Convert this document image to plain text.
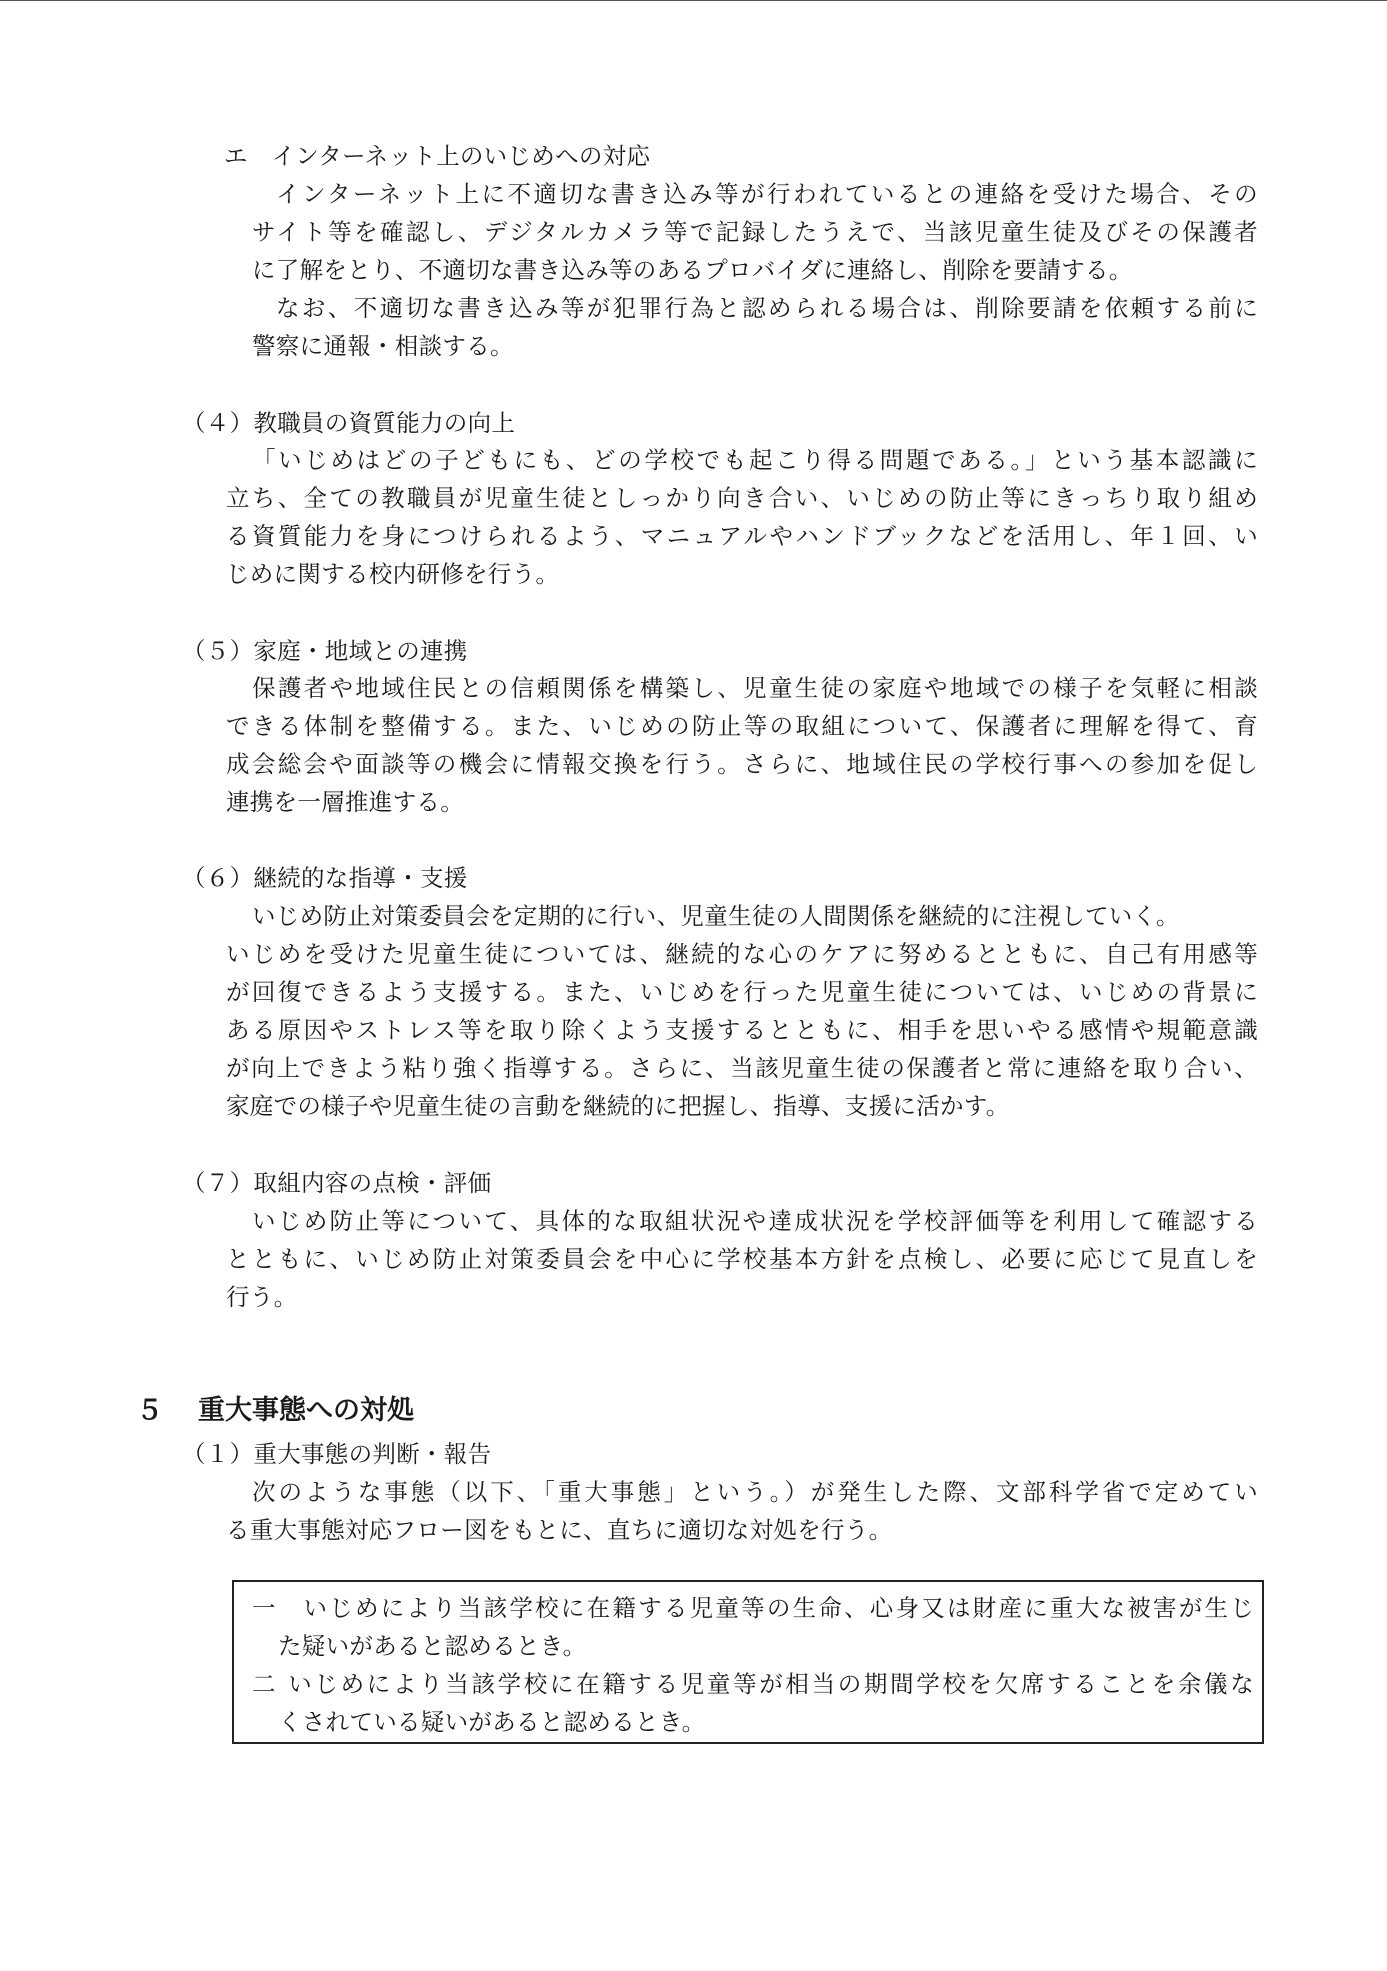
エ　インターネット上のいじめへの対応
インターネット上に不適切な書き込み等が行われているとの連絡を受けた場合、その
サイト等を確認し、デジタルカメラ等で記録したうえで、当該児童生徒及びその保護者
に了解をとり、不適切な書き込み等のあるプロバイダに連絡し、削除を要請する。
なお、不適切な書き込み等が犯罪行為と認められる場合は、削除要請を依頼する前に
警察に通報・相談する。
（４）教職員の資質能力の向上
「いじめはどの子どもにも、どの学校でも起こり得る問題である。」という基本認識に
立ち、全ての教職員が児童生徒としっかり向き合い、いじめの防止等にきっちり取り組め
る資質能力を身につけられるよう、マニュアルやハンドブックなどを活用し、年１回、い
じめに関する校内研修を行う。
（５）家庭・地域との連携
保護者や地域住民との信頼関係を構築し、児童生徒の家庭や地域での様子を気軽に相談
できる体制を整備する。また、いじめの防止等の取組について、保護者に理解を得て、育
成会総会や面談等の機会に情報交換を行う。さらに、地域住民の学校行事への参加を促し
連携を一層推進する。
（６）継続的な指導・支援
いじめ防止対策委員会を定期的に行い、児童生徒の人間関係を継続的に注視していく。
いじめを受けた児童生徒については、継続的な心のケアに努めるとともに、自己有用感等
が回復できるよう支援する。また、いじめを行った児童生徒については、いじめの背景に
ある原因やストレス等を取り除くよう支援するとともに、相手を思いやる感情や規範意識
が向上できよう粘り強く指導する。さらに、当該児童生徒の保護者と常に連絡を取り合い、
家庭での様子や児童生徒の言動を継続的に把握し、指導、支援に活かす。
（７）取組内容の点検・評価
いじめ防止等について、具体的な取組状況や達成状況を学校評価等を利用して確認する
とともに、いじめ防止対策委員会を中心に学校基本方針を点検し、必要に応じて見直しを
行う。
５ 重大事態への対処
（１）重大事態の判断・報告
次のような事態（以下、「重大事態」という。）が発生した際、文部科学省で定めてい
る重大事態対応フロー図をもとに、直ちに適切な対処を行う。
一　いじめにより当該学校に在籍する児童等の生命、心身又は財産に重大な被害が生じ
た疑いがあると認めるとき。
二 いじめにより当該学校に在籍する児童等が相当の期間学校を欠席することを余儀な
くされている疑いがあると認めるとき。
